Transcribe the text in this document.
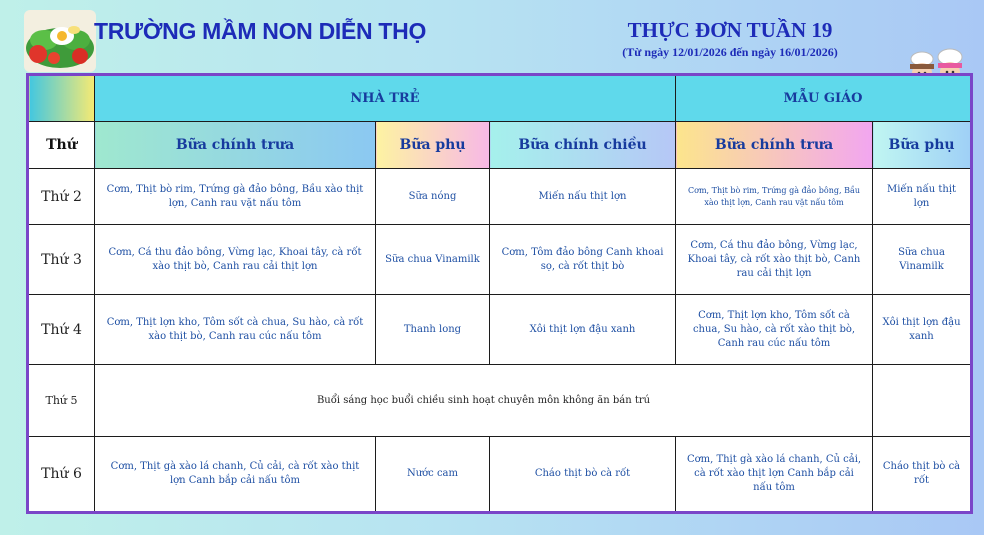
TRƯỜNG MẦM NON DIỄN THỌ	THỰC ĐƠN TUẦN 19
(Từ ngày 12/01/2026 đến ngày 16/01/2026)
	NHÀ TRẺ			MẪU GIÁO	
Thứ	Bữa chính trưa	Bữa phụ	Bữa chính chiều	Bữa chính trưa	Bữa phụ
Thứ 2	Cơm, Thịt bò rim, Trứng gà đảo bông, Bầu xào thịt lợn, Canh rau vặt nấu tôm	Sữa nóng	Miến nấu thịt lợn	Cơm, Thịt bò rim, Trứng gà đảo bông, Bầu xào thịt lợn, Canh rau vặt nấu tôm	Miến nấu thịt lợn
Thứ 3	Cơm, Cá thu đảo bông, Vừng lạc, Khoai tây, cà rốt xào thịt bò, Canh rau cải thịt lợn	Sữa chua Vinamilk	Cơm, Tôm đảo bông Canh khoai sọ, cà rốt thịt bò	Cơm, Cá thu đảo bông, Vừng lạc, Khoai tây, cà rốt xào thịt bò, Canh rau cải thịt lợn	Sữa chua Vinamilk
Thứ 4	Cơm, Thịt lợn kho, Tôm sốt cà chua, Su hào, cà rốt xào thịt bò, Canh rau cúc nấu tôm	Thanh long	Xôi thịt lợn đậu xanh	Cơm, Thịt lợn kho, Tôm sốt cà chua, Su hào, cà rốt xào thịt bò, Canh rau cúc nấu tôm	Xôi thịt lợn đậu xanh
Thứ 5	Buổi sáng học buổi chiều sinh hoạt chuyên môn không ăn bán trú				
Thứ 6	Cơm, Thịt gà xào lá chanh, Củ cải, cà rốt xào thịt lợn Canh bắp cải nấu tôm	Nước cam	Cháo thịt bò cà rốt	Cơm, Thịt gà xào lá chanh, Củ cải, cà rốt xào thịt lợn Canh bắp cải nấu tôm	Cháo thịt bò cà rốt
